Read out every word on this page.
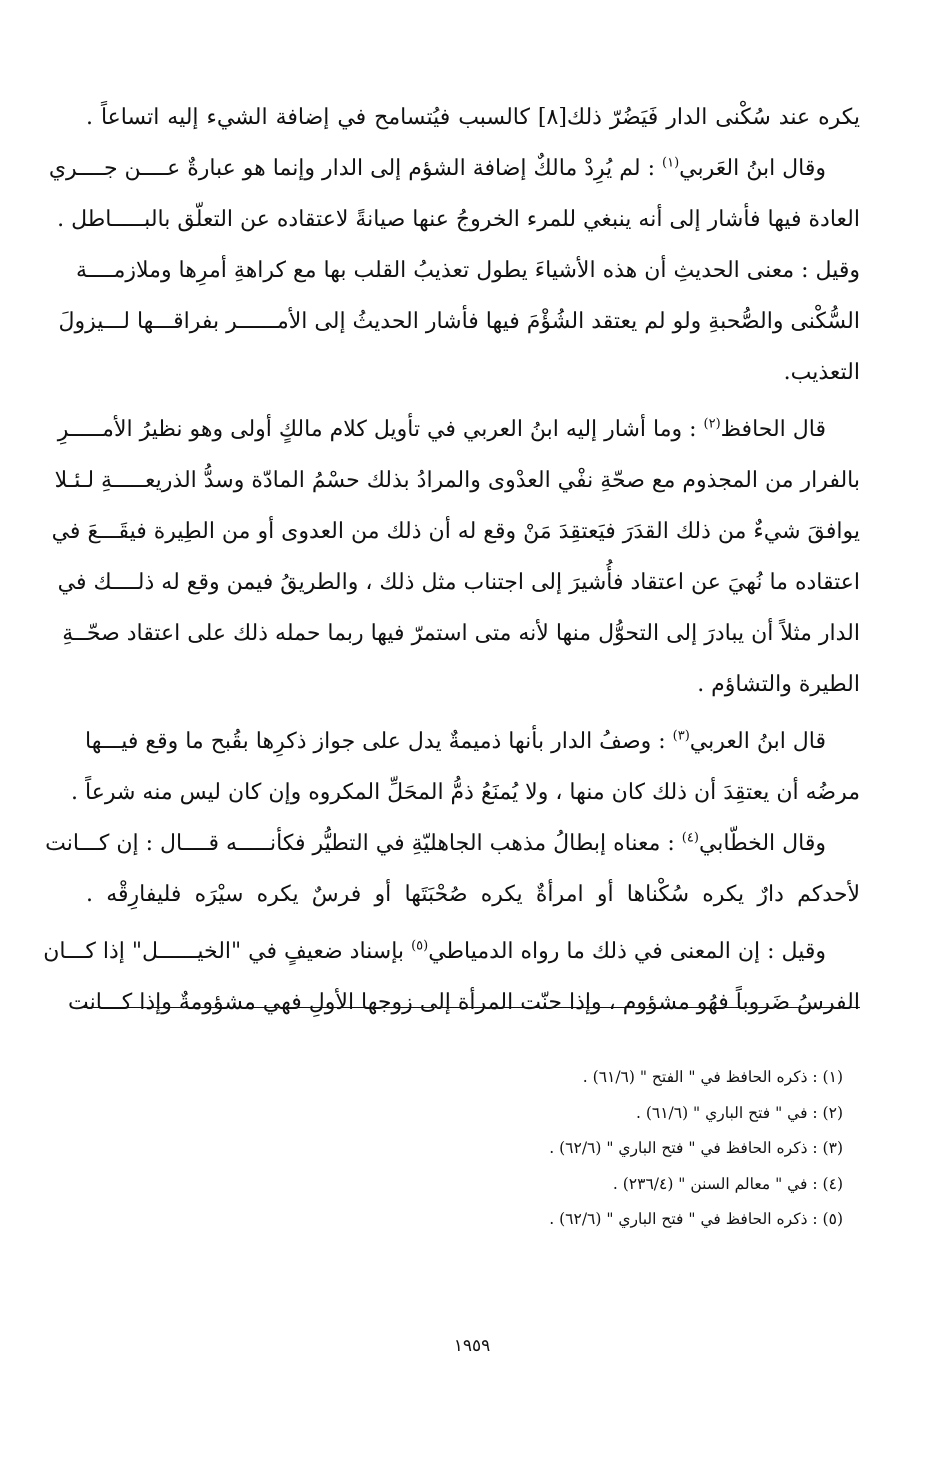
يكره عند سُكْنى الدار فَيَضُرّ ذلك[٨] كالسبب فيُتسامح في إضافة الشيء إليه اتساعاً .
وقال ابنُ العَربي$^{(١)}$ : لم يُرِدْ مالكٌ إضافة الشؤم إلى الدار وإنما هو عبارةٌ عــــن جــــري
العادة فيها فأشار إلى أنه ينبغي للمرء الخروجُ عنها صيانةً لاعتقاده عن التعلّق بالبـــــاطل .
وقيل : معنى الحديثِ أن هذه الأشياءَ يطول تعذيبُ القلب بها مع كراهةِ أمرِها وملازمــــة
السُّكْنى والصُّحبةِ ولو لم يعتقد الشُؤْمَ فيها فأشار الحديثُ إلى الأمــــــر بفراقـــها لـــيزولَ
التعذيب.
قال الحافظ$^{(٢)}$ : وما أشار إليه ابنُ العربي في تأويل كلام مالكٍ أولى وهو نظيرُ الأمـــــرِ
بالفرار من المجذوم مع صحّةِ نفْي العدْوى والمرادُ بذلك حسْمُ المادّة وسدُّ الذريعـــــةِ لـئـلا
يوافقَ شيءٌ من ذلك القدَرَ فيَعتقِدَ مَنْ وقع له أن ذلك من العدوى أو من الطِيرة فيقَـــعَ في
اعتقاده ما نُهيَ عن اعتقاد فأُشيرَ إلى اجتناب مثل ذلك ، والطريقُ فيمن وقع له ذلــــك في
الدار مثلاً أن يبادرَ إلى التحوُّل منها لأنه متى استمرّ فيها ربما حمله ذلك على اعتقاد صحّــةِ
الطيرة والتشاؤم .
قال ابنُ العربي$^{(٣)}$ : وصفُ الدار بأنها ذميمةٌ يدل على جواز ذكرِها بقُبح ما وقع فيـــها
مرضُه أن يعتقِدَ أن ذلك كان منها ، ولا يُمنَعُ ذمُّ المحَلِّ المكروه وإن كان ليس منه شرعاً .
وقال الخطّابي$^{(٤)}$ : معناه إبطالُ مذهب الجاهليّةِ في التطيُّر فكأنـــــه قــــال : إن كـــانت
لأحدكم دارٌ يكره سُكْناها أو امرأةٌ يكره صُحْبَتَها أو فرسٌ يكره سيْرَه فليفارِقْه .
وقيل : إن المعنى في ذلك ما رواه الدمياطي$^{(٥)}$ بإسناد ضعيفٍ في "الخيــــــل" إذا كـــان
الفرسُ ضَروباً فهُو مشؤوم ، وإذا حنّت المرأة إلى زوجها الأولِ فهي مشؤومةٌ وإذا كـــانت
(١) : ذكره الحافظ في " الفتح " (٦١/٦) .
(٢) : في " فتح الباري " (٦١/٦) .
(٣) : ذكره الحافظ في " فتح الباري " (٦٢/٦) .
(٤) : في " معالم السنن " (٢٣٦/٤) .
(٥) : ذكره الحافظ في " فتح الباري " (٦٢/٦) .
١٩٥٩
